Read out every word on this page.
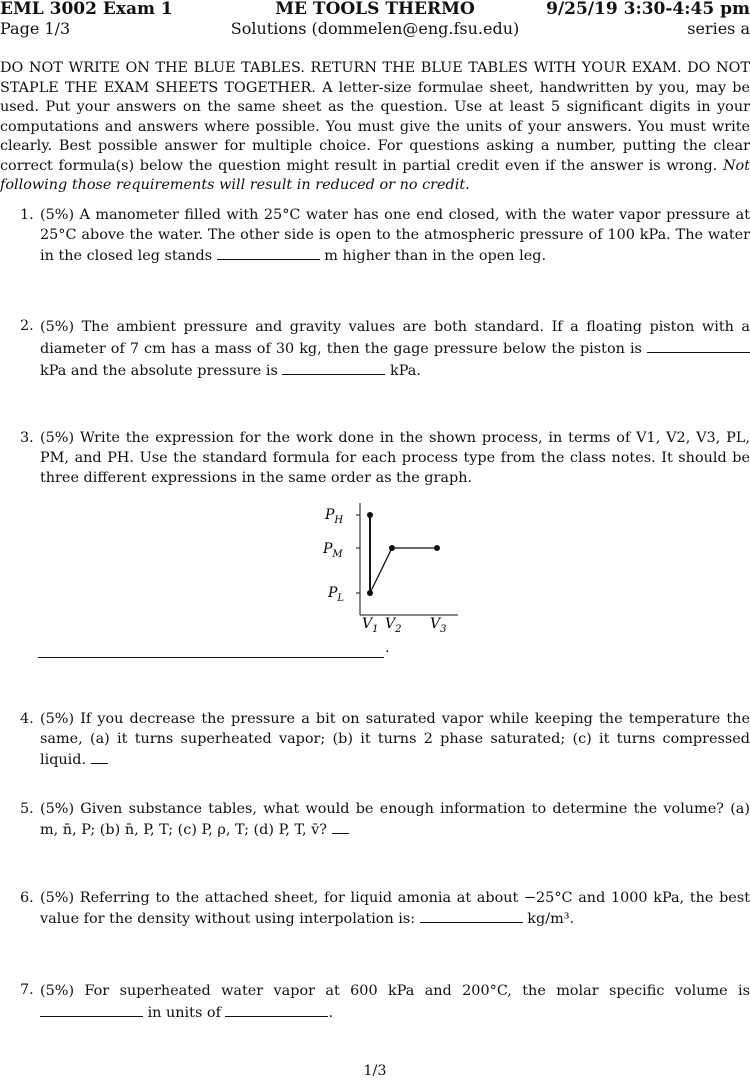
EML 3002 Exam 1	ME TOOLS THERMO	9/25/19 3:30-4:45 pm
Page 1/3	Solutions (dommelen@eng.fsu.edu)	series a
DO NOT WRITE ON THE BLUE TABLES. RETURN THE BLUE TABLES WITH YOUR EXAM. DO NOT STAPLE THE EXAM SHEETS TOGETHER. A letter-size formulae sheet, handwritten by you, may be used. Put your answers on the same sheet as the question. Use at least 5 significant digits in your computations and answers where possible. You must give the units of your answers. You must write clearly. Best possible answer for multiple choice. For questions asking a number, putting the clear correct formula(s) below the question might result in partial credit even if the answer is wrong. Not following those requirements will result in reduced or no credit.
1. (5%) A manometer filled with 25°C water has one end closed, with the water vapor pressure at 25°C above the water. The other side is open to the atmospheric pressure of 100 kPa. The water in the closed leg stands	m higher than in the open leg.
2. (5%) The ambient pressure and gravity values are both standard. If a floating piston with a diameter of 7 cm has a mass of 30 kg, then the gage pressure below the piston is  kPa and the absolute pressure is	kPa.
3. (5%) Write the expression for the work done in the shown process, in terms of V1, V2, V3, PL, PM, and PH. Use the standard formula for each process type from the class notes. It should be three different expressions in the same order as the graph.
$P_H$
$P_M$
$P_L$
$V_1$ $V_2$ $V_3$
.
4. (5%) If you decrease the pressure a bit on saturated vapor while keeping the temperature the same, (a) it turns superheated vapor; (b) it turns 2 phase saturated; (c) it turns compressed liquid.
5. (5%) Given substance tables, what would be enough information to determine the volume? (a) m, n̄, P; (b) n̄, P, T; (c) P, ρ, T; (d) P, T, v̄?
6. (5%) Referring to the attached sheet, for liquid amonia at about −25°C and 1000 kPa, the best value for the density without using interpolation is:	kg/m³.
7. (5%) For superheated water vapor at 600 kPa and 200°C, the molar specific volume is  in units of	.
1/3
